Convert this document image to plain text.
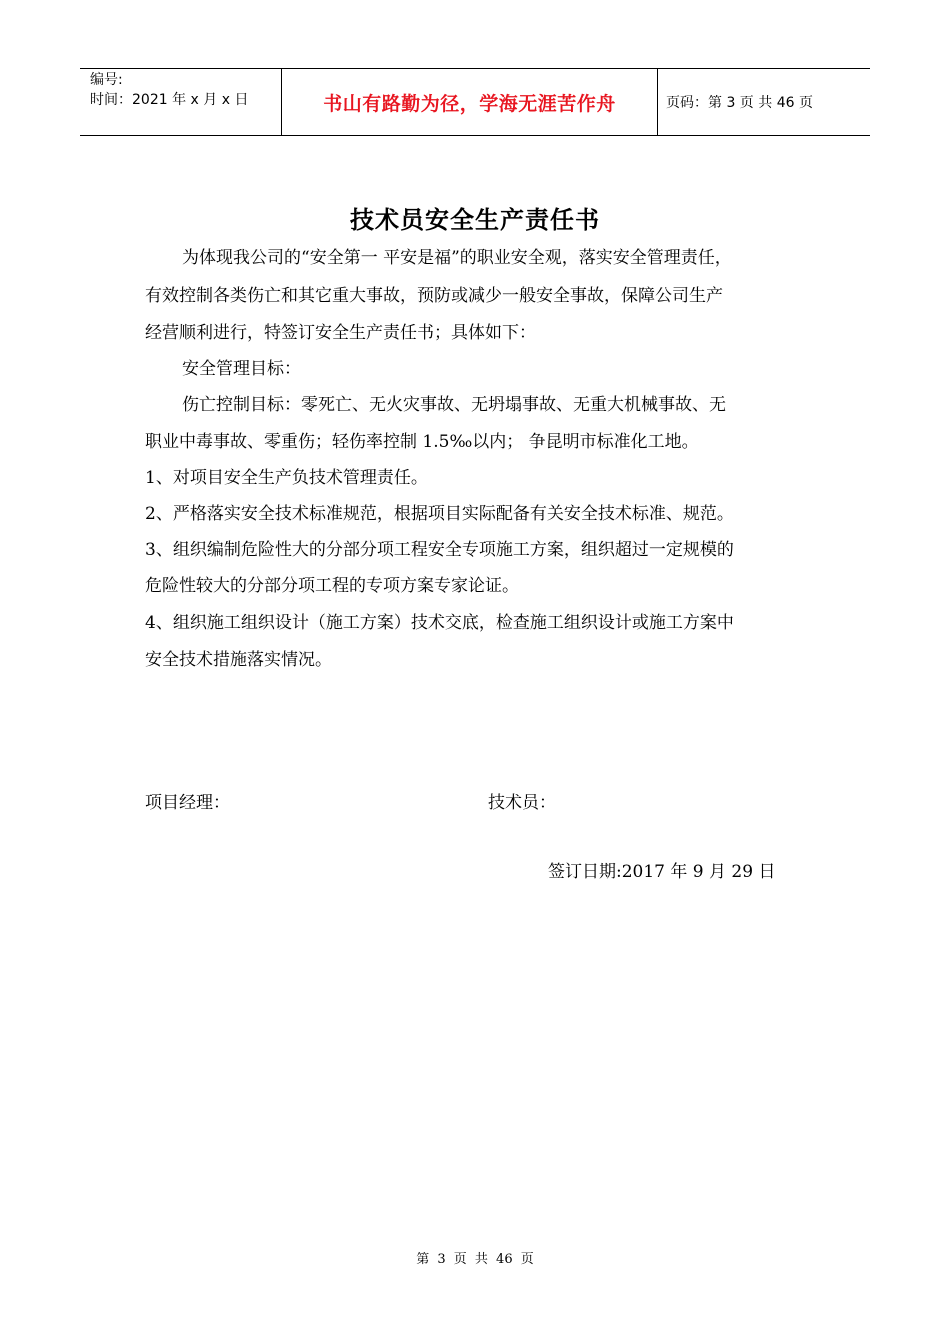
编号:
时间：2021 年 x 月 x 日	书山有路勤为径，学海无涯苦作舟	页码：第 3 页 共 46 页
技术员安全生产责任书
为体现我公司的“安全第一 平安是福”的职业安全观，落实安全管理责任，
有效控制各类伤亡和其它重大事故，预防或减少一般安全事故，保障公司生产
经营顺利进行，特签订安全生产责任书；具体如下：
安全管理目标：
伤亡控制目标：零死亡、无火灾事故、无坍塌事故、无重大机械事故、无
职业中毒事故、零重伤；轻伤率控制 1.5‰以内； 争昆明市标准化工地。
1、对项目安全生产负技术管理责任。
2、严格落实安全技术标准规范，根据项目实际配备有关安全技术标准、规范。
3、组织编制危险性大的分部分项工程安全专项施工方案，组织超过一定规模的
危险性较大的分部分项工程的专项方案专家论证。
4、组织施工组织设计（施工方案）技术交底，检查施工组织设计或施工方案中
安全技术措施落实情况。
项目经理：	技术员：
签订日期:2017 年 9 月 29 日
第 3 页 共 46 页
